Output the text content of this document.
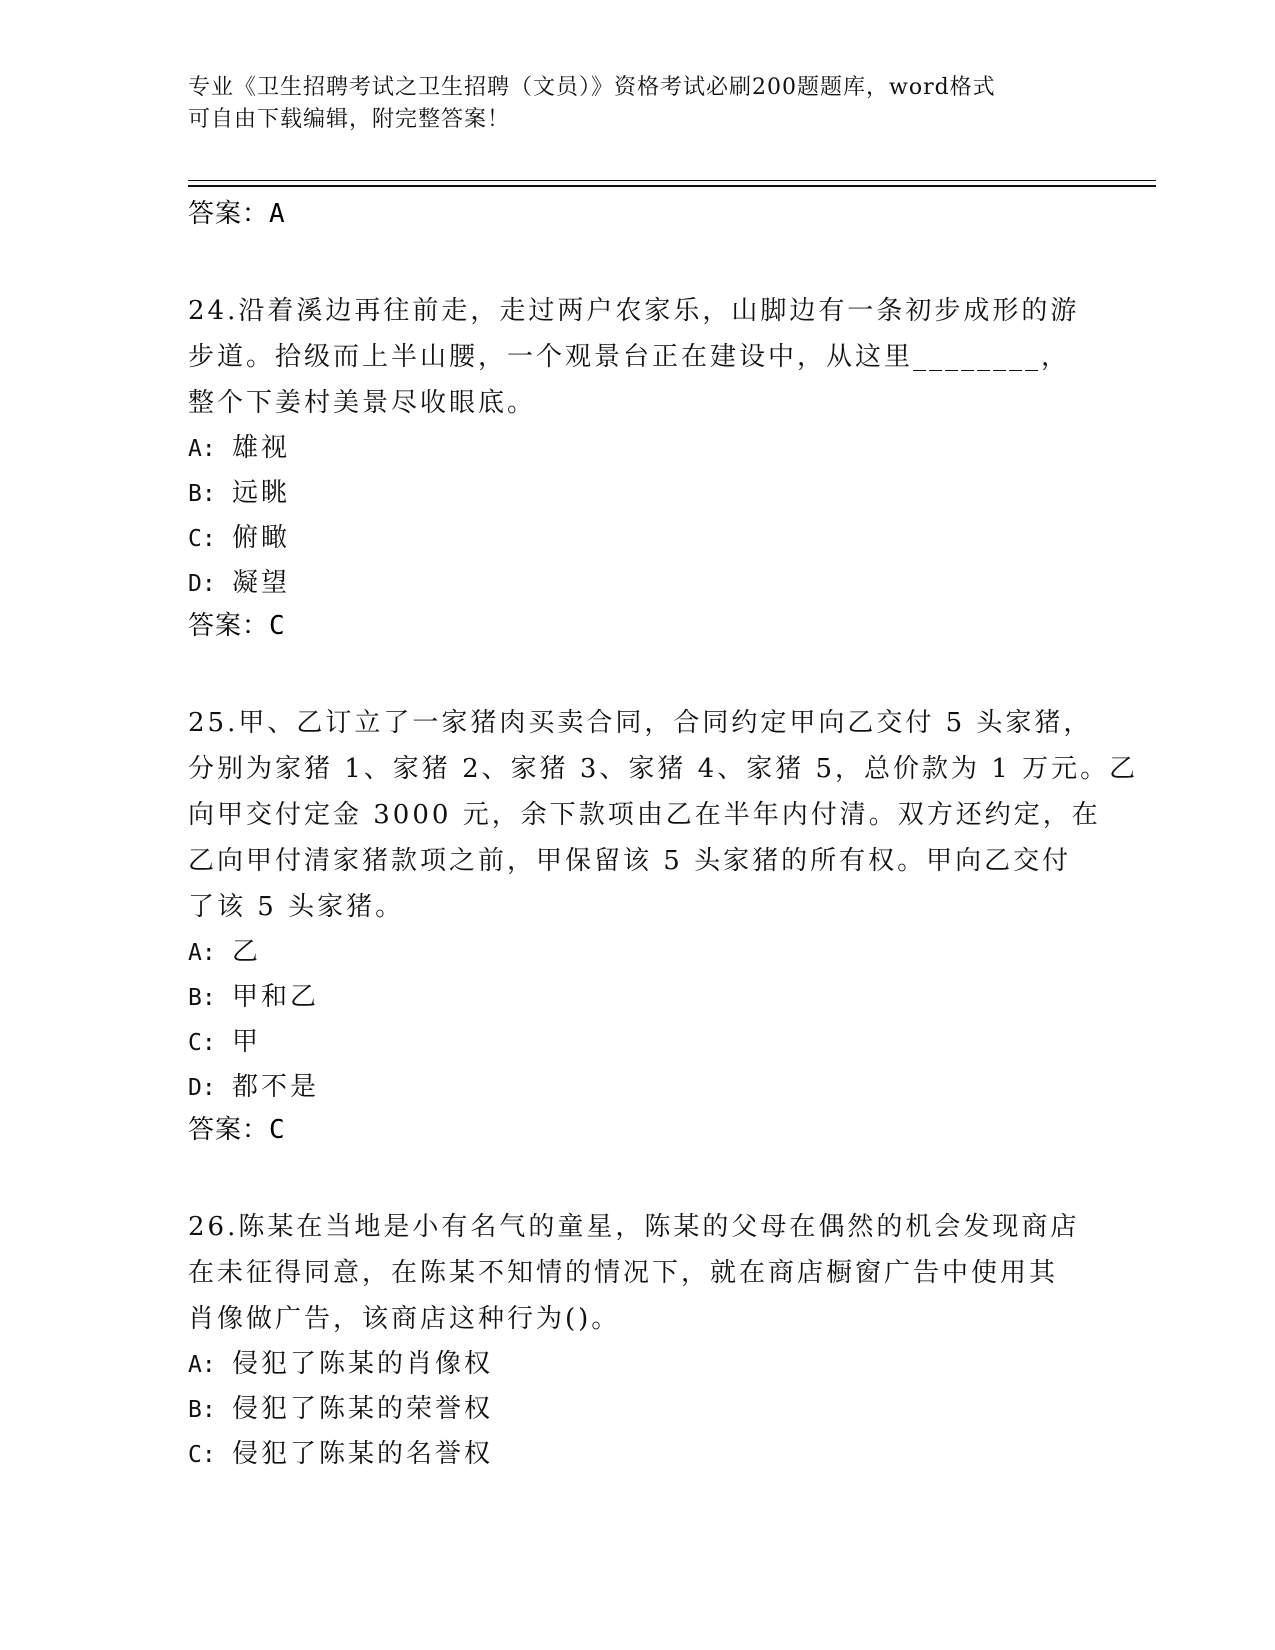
专业《卫生招聘考试之卫生招聘（文员）》资格考试必刷200题题库，word格式
可自由下载编辑，附完整答案！

答案：A

24.沿着溪边再往前走，走过两户农家乐，山脚边有一条初步成形的游
步道。拾级而上半山腰，一个观景台正在建设中，从这里________，
整个下姜村美景尽收眼底。

A: 雄视

B: 远眺

C: 俯瞰

D: 凝望

答案：C

25.甲、乙订立了一家猪肉买卖合同，合同约定甲向乙交付 5 头家猪，
分别为家猪 1、家猪 2、家猪 3、家猪 4、家猪 5，总价款为 1 万元。乙
向甲交付定金 3000 元，余下款项由乙在半年内付清。双方还约定，在
乙向甲付清家猪款项之前，甲保留该 5 头家猪的所有权。甲向乙交付
了该 5 头家猪。

A: 乙

B: 甲和乙

C: 甲

D: 都不是

答案：C

26.陈某在当地是小有名气的童星，陈某的父母在偶然的机会发现商店
在未征得同意，在陈某不知情的情况下，就在商店橱窗广告中使用其
肖像做广告，该商店这种行为()。

A: 侵犯了陈某的肖像权

B: 侵犯了陈某的荣誉权

C: 侵犯了陈某的名誉权
